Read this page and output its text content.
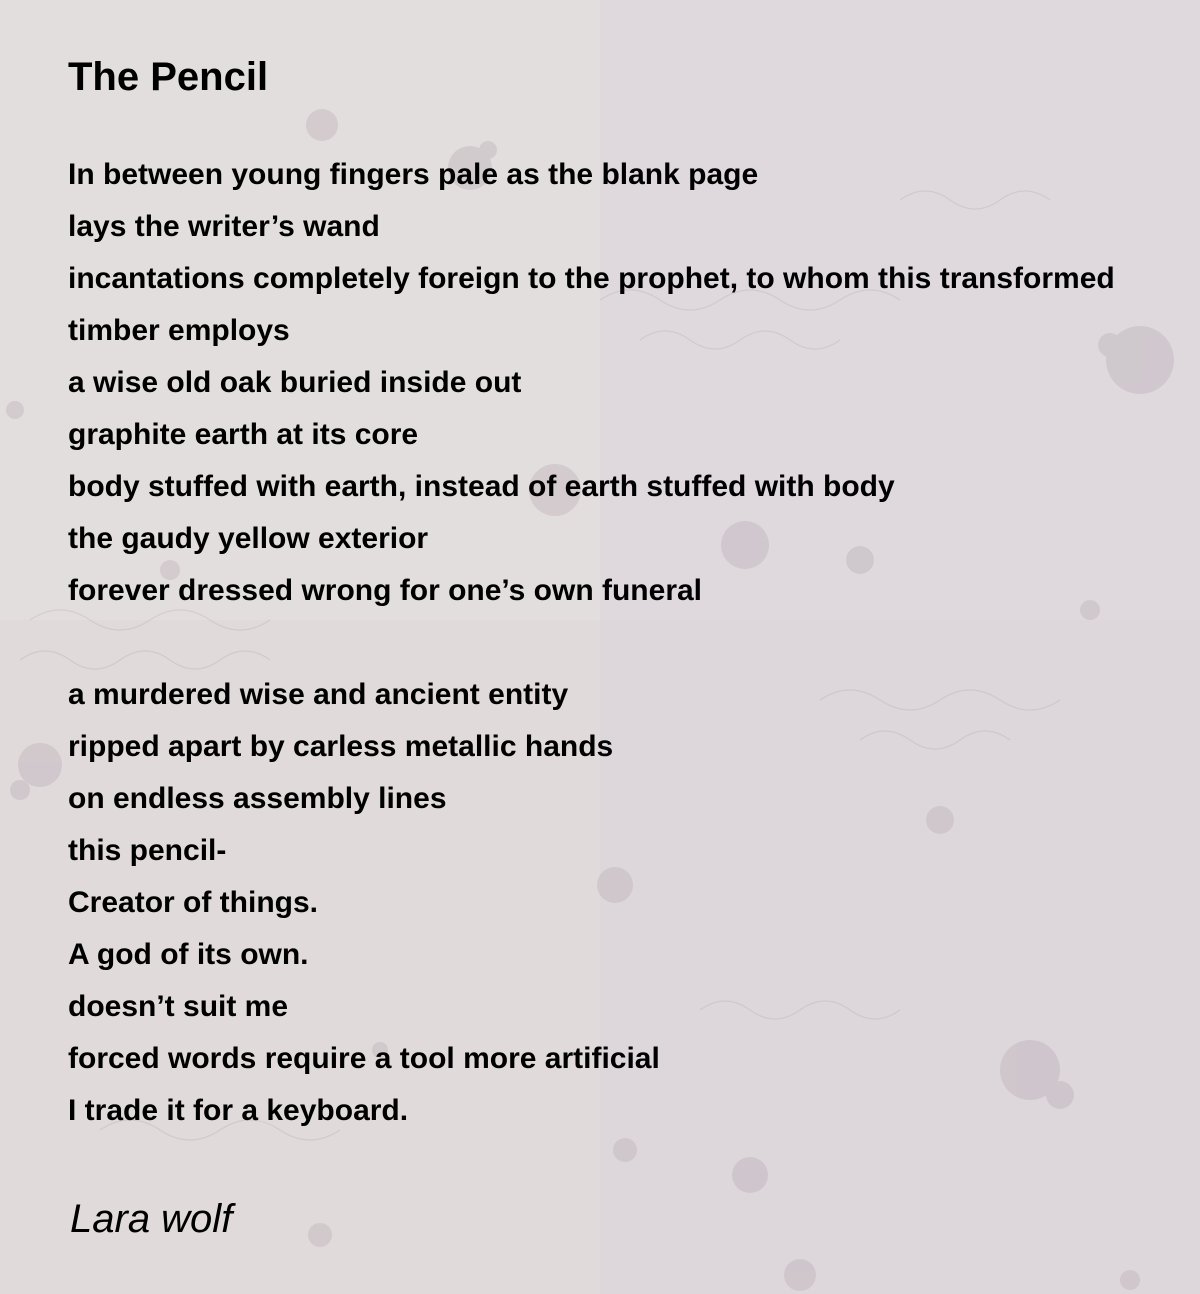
The Pencil
In between young fingers pale as the blank page
lays the writer’s wand
incantations completely foreign to the prophet, to whom this transformed
timber employs
a wise old oak buried inside out
graphite earth at its core
body stuffed with earth, instead of earth stuffed with body
the gaudy yellow exterior
forever dressed wrong for one’s own funeral
a murdered wise and ancient entity
ripped apart by carless metallic hands
on endless assembly lines
this pencil-
Creator of things.
A god of its own.
doesn’t suit me
forced words require a tool more artificial
I trade it for a keyboard.

Lara wolf
